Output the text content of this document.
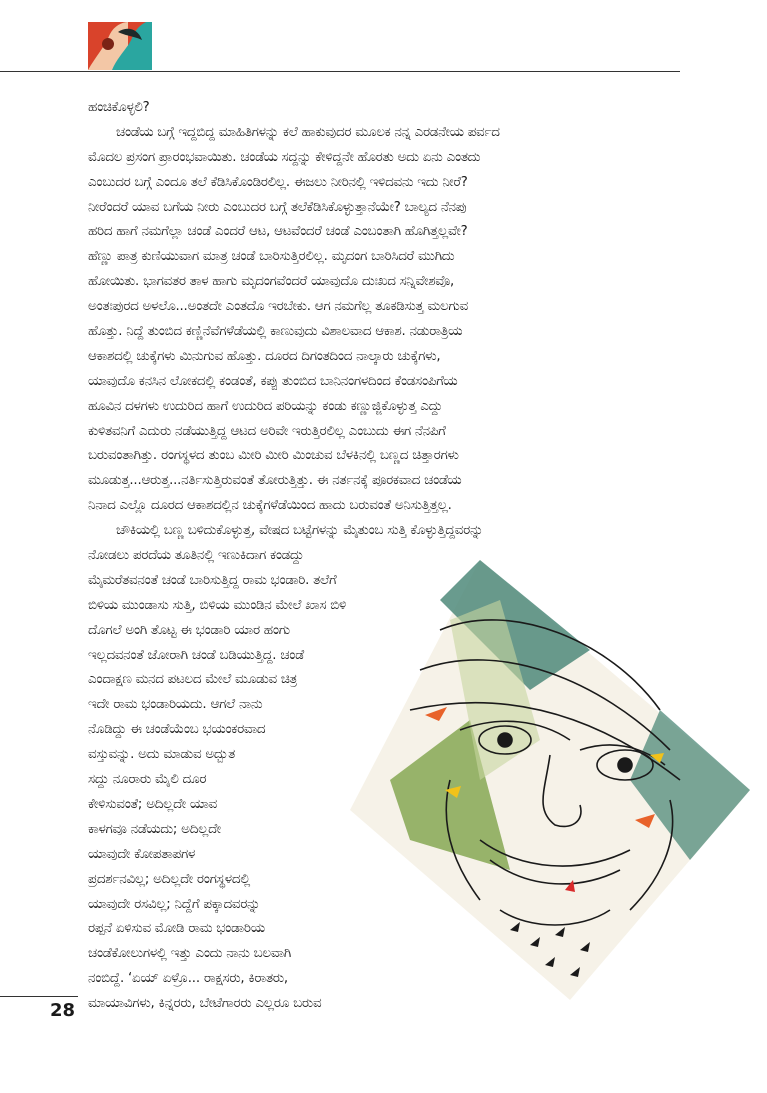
ಹಂಚಿಕೊಳ್ಳಲಿ?
ಚಂಡೆಯ ಬಗ್ಗೆ ಇದ್ದಬಿದ್ದ ಮಾಹಿತಿಗಳನ್ನು ಕಲೆ ಹಾಕುವುದರ ಮೂಲಕ ನನ್ನ ಎರಡನೇಯ ಪರ್ವದ
ಮೊದಲ ಪ್ರಸಂಗ ಪ್ರಾರಂಭವಾಯಿತು. ಚಂಡೆಯ ಸದ್ದನ್ನು ಕೇಳಿದ್ದನೇ ಹೊರತು ಅದು ಏನು ಎಂತದು
ಎಂಬುದರ ಬಗ್ಗೆ ಎಂದೂ ತಲೆ ಕೆಡಿಸಿಕೊಂಡಿರಲಿಲ್ಲ. ಈಜಲು ನೀರಿನಲ್ಲಿ ಇಳಿದವನು ಇದು ನೀರೆ?
ನೀರೆಂದರೆ ಯಾವ ಬಗೆಯ ನೀರು ಎಂಬುದರ ಬಗ್ಗೆ ತಲೆಕೆಡಿಸಿಕೊಳ್ಳುತ್ತಾನೆಯೇ? ಬಾಲ್ಯದ ನೆನಪು
ಹರಿದ ಹಾಗೆ ನಮಗೆಲ್ಲಾ ಚಂಡೆ ಎಂದರೆ ಆಟ, ಆಟವೆಂದರೆ ಚಂಡೆ ಎಂಬಂತಾಗಿ ಹೊಗಿತ್ತಲ್ಲವೇ?
ಹೆಣ್ಣು ಪಾತ್ರ ಕುಣಿಯುವಾಗ ಮಾತ್ರ ಚಂಡೆ ಬಾರಿಸುತ್ತಿರಲಿಲ್ಲ. ಮೃದಂಗ ಬಾರಿಸಿದರೆ ಮುಗಿದು
ಹೋಯಿತು. ಭಾಗವತರ ತಾಳ ಹಾಗು ಮೃದಂಗವೆಂದರೆ ಯಾವುದೊ ದುಃಖದ ಸನ್ನಿವೇಶವೊ,
ಅಂತಃಪುರದ ಅಳಲೊ...ಅಂತದೇ ಎಂತದೊ ಇರಬೇಕು. ಆಗ ನಮಗೆಲ್ಲ ತೂಕಡಿಸುತ್ತ ಮಲಗುವ
ಹೊತ್ತು. ನಿದ್ದೆ ತುಂಬಿದ ಕಣ್ಣಿನೆವೆಗಳೆಡೆಯಲ್ಲಿ ಕಾಣುವುದು ವಿಶಾಲವಾದ ಆಕಾಶ. ನಡುರಾತ್ರಿಯ
ಆಕಾಶದಲ್ಲಿ ಚುಕ್ಕೆಗಳು ಮಿನುಗುವ ಹೊತ್ತು. ದೂರದ ದಿಗಂತದಿಂದ ನಾಲ್ಕಾರು ಚುಕ್ಕೆಗಳು,
ಯಾವುದೊ ಕನಸಿನ ಲೋಕದಲ್ಲಿ ಕಂಡಂತೆ, ಕಪ್ಪು ತುಂಬಿದ ಬಾನಿನಂಗಳದಿಂದ ಕೆಂಡಸಂಪಿಗೆಯ
ಹೂವಿನ ದಳಗಳು ಉದುರಿದ ಹಾಗೆ ಉದುರಿದ ಪರಿಯನ್ನು ಕಂಡು ಕಣ್ಣುಜ್ಜಿಕೊಳ್ಳುತ್ತ ಎದ್ದು
ಕುಳಿತವನಿಗೆ ಎದುರು ನಡೆಯುತ್ತಿದ್ದ ಆಟದ ಅರಿವೇ ಇರುತ್ತಿರಲಿಲ್ಲ ಎಂಬುದು ಈಗ ನೆನಪಿಗೆ
ಬರುವಂತಾಗಿತ್ತು. ರಂಗಸ್ಥಳದ ತುಂಬ ಮೀರಿ ಮೀರಿ ಮಿಂಚುವ ಬೆಳಕಿನಲ್ಲಿ ಬಣ್ಣದ ಚಿತ್ತಾರಗಳು
ಮೂಡುತ್ತ...ಆರುತ್ತ...ನರ್ತಿಸುತ್ತಿರುವಂತೆ ತೋರುತ್ತಿತ್ತು. ಈ ನರ್ತನಕ್ಕೆ ಪೂರಕವಾದ ಚಂಡೆಯ
ನಿನಾದ ಎಲ್ಲೊ ದೂರದ ಆಕಾಶದಲ್ಲಿನ ಚುಕ್ಕೆಗಳೆಡೆಯಿಂದ ಹಾದು ಬರುವಂತೆ ಅನಿಸುತ್ತಿತ್ತಲ್ಲ.
ಚೌಕಿಯಲ್ಲಿ ಬಣ್ಣ ಬಳಿದುಕೊಳ್ಳುತ್ತ, ವೇಷದ ಬಟ್ಟೆಗಳನ್ನು ಮೈತುಂಬ ಸುತ್ತಿ ಕೊಳ್ಳುತ್ತಿದ್ದವರನ್ನು
ನೋಡಲು ಪರದೆಯ ತೂತಿನಲ್ಲಿ ಇಣುಕಿದಾಗ ಕಂಡದ್ದು
ಮೈಮರೆತವನಂತೆ ಚಂಡೆ ಬಾರಿಸುತ್ತಿದ್ದ ರಾಮ ಭಂಡಾರಿ. ತಲೆಗೆ
ಬಿಳಿಯ ಮುಂಡಾಸು ಸುತ್ತಿ, ಬಿಳಿಯ ಮುಂಡಿನ ಮೇಲೆ ಖಾಸ ಬಿಳಿ
ದೊಗಲೆ ಅಂಗಿ ತೊಟ್ಟ ಈ ಭಂಡಾರಿ ಯಾರ ಹಂಗು
ಇಲ್ಲದವನಂತೆ ಜೋರಾಗಿ ಚಂಡೆ ಬಡಿಯುತ್ತಿದ್ದ. ಚಂಡೆ
ಎಂದಾಕ್ಷಣ ಮನದ ಪಟಲದ ಮೇಲೆ ಮೂಡುವ ಚಿತ್ರ
ಇದೇ ರಾಮ ಭಂಡಾರಿಯದು. ಆಗಲೆ ನಾನು
ನೊಡಿದ್ದು ಈ ಚಂಡೆಯೆಂಬ ಭಯಂಕರವಾದ
ವಸ್ತುವನ್ನು. ಅದು ಮಾಡುವ ಅದ್ಬುತ
ಸದ್ದು ನೂರಾರು ಮೈಲಿ ದೂರ
ಕೇಳಿಸುವಂತೆ; ಅದಿಲ್ಲದೇ ಯಾವ
ಕಾಳಗವೂ ನಡೆಯದು; ಅದಿಲ್ಲದೇ
ಯಾವುದೇ ಕೋಪತಾಪಗಳ
ಪ್ರದರ್ಶನವಿಲ್ಲ; ಅದಿಲ್ಲದೇ ರಂಗಸ್ಥಳದಲ್ಲಿ
ಯಾವುದೇ ರಸವಿಲ್ಲ; ನಿದ್ದೆಗೆ ಪಕ್ಕಾದವರನ್ನು
ರಪ್ಪನೆ ಏಳಿಸುವ ಮೋಡಿ ರಾಮ ಭಂಡಾರಿಯ
ಚಂಡೆಕೋಲುಗಳಲ್ಲಿ ಇತ್ತು ಎಂದು ನಾನು ಬಲವಾಗಿ
ನಂಬಿದ್ದೆ. ‘ಏಯ್ ಏಳ್ರೊ... ರಾಕ್ಷಸರು, ಕಿರಾತರು,
ಮಾಯಾವಿಗಳು, ಕಿನ್ನರರು, ಬೇಟೆಗಾರರು ಎಲ್ಲರೂ ಬರುವ
28
